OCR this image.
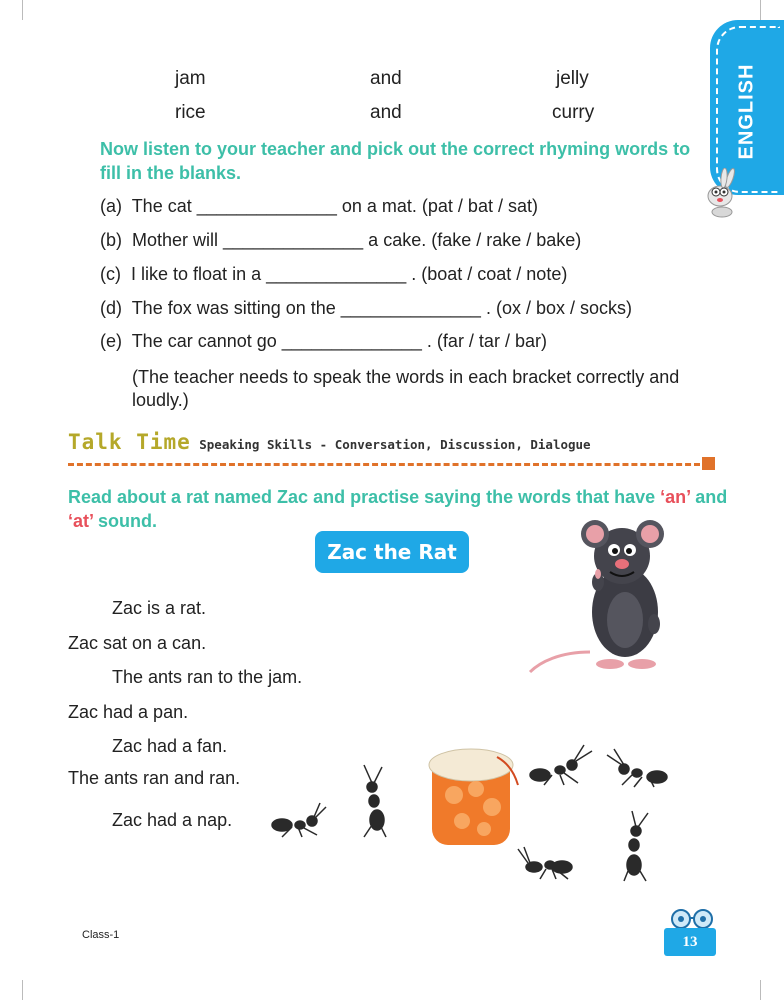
ENGLISH
jam	and	jelly
rice	and	curry
Now listen to your teacher and pick out the correct rhyming words to fill in the blanks.
(a) The cat ______________ on a mat. (pat / bat / sat)
(b) Mother will ______________ a cake. (fake / rake / bake)
(c) I like to float in a ______________ . (boat / coat / note)
(d) The fox was sitting on the ______________ . (ox / box / socks)
(e) The car cannot go ______________ . (far / tar / bar)
(The teacher needs to speak the words in each bracket correctly and loudly.)
Talk Time Speaking Skills - Conversation, Discussion, Dialogue
Read about a rat named Zac and practise saying the words that have ‘an’ and ‘at’ sound.
Zac the Rat
Zac is a rat.
Zac sat on a can.
The ants ran to the jam.
Zac had a pan.
Zac had a fan.
The ants ran and ran.
Zac had a nap.
Class-1	13
